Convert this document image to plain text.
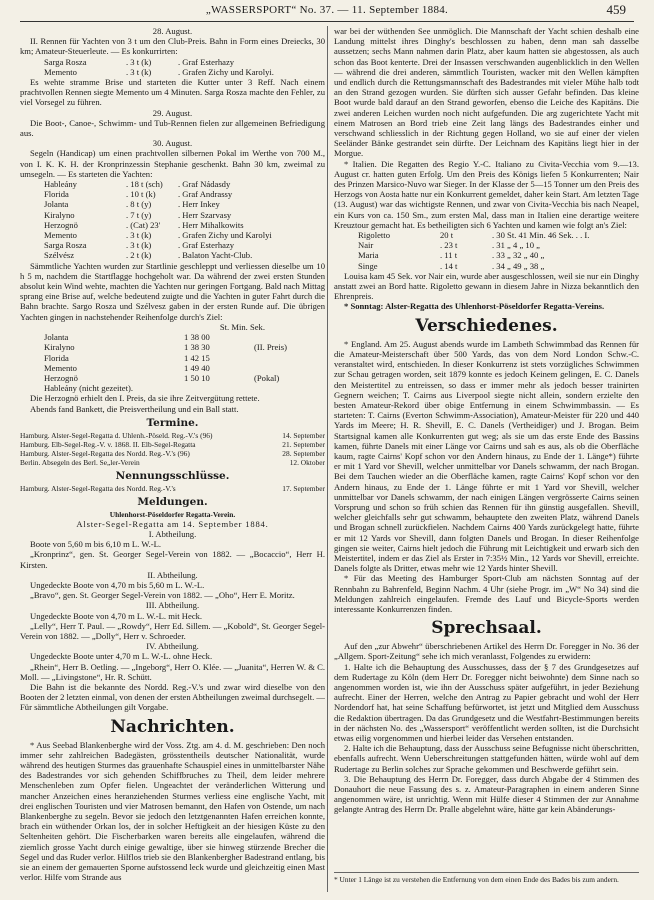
„WASSERSPORT“ No. 37. — 11. September 1884.	459
28. August.

II. Rennen für Yachten von 3 t um den Club-Preis. Bahn in Form eines Dreiecks, 30 km; Amateur-Steuerleute. — Es konkurrirten:

Sarga Rosza	. 3 t (k)	. Graf Esterhazy
Memento	. 3 t (k)	. Grafen Zichy und Karolyi.

Es wehte stramme Brise und starteten die Kutter unter 3 Reff. Nach einem prachtvollen Rennen siegte Memento um 4 Minuten. Sarga Rosza machte den Fehler, zu viel Vorsegel zu führen.

29. August.

Die Boot-, Canoe-, Schwimm- und Tub-Rennen fielen zur allgemeinen Befriedigung aus.

30. August.

Segeln (Handicap) um einen prachtvollen silbernen Pokal im Werthe von 700 M., von I. K. K. H. der Kronprinzessin Stephanie geschenkt. Bahn 30 km, zweimal zu umsegeln. — Es starteten die Yachten:

Hableány	. 18 t (sch)	. Graf Nádasdy
Florida	. 10 t (k)	. Graf Andrassy
Jolanta	. 8 t (y)	. Herr Inkey
Kiralyno	. 7 t (y)	. Herr Szarvasy
Herzognö	. (Cat) 23'	. Herr Mihalkowits
Memento	. 3 t (k)	. Grafen Zichy und Karolyi
Sarga Rosza	. 3 t (k)	. Graf Esterhazy
Szélvész	. 2 t (k)	. Balaton Yacht-Club.

Sämmtliche Yachten wurden zur Startlinie geschleppt und verliessen dieselbe um 10 h 5 m, nachdem die Startflagge hochgeholt war. Da während der zwei ersten Stunden absolut kein Wind wehte, machten die Yachten nur geringen Fortgang. Bald nach Mittag sprang eine Brise auf, welche bedeutend zuigte und die Yachten in guter Fahrt durch die Bahn brachte. Sargo Rosza und Szélvesz gaben in der ersten Runde auf. Die übrigen Yachten gingen in nachstehender Reihenfolge durch's Ziel:

St. Min. Sek.
Jolanta	1 38 00
Kiralyno	1 38 30	(II. Preis)
Florida	1 42 15
Memento	1 49 40
Herzognö	1 50 10	(Pokal)
Hableány (nicht gezeitet).

Die Herzognö erhielt den I. Preis, da sie ihre Zeitvergütung rettete.

Abends fand Bankett, die Preisvertheilung und ein Ball statt.

Termine.
Hamburg. Alster-Segel-Regatta d. Uhlenh.-Pöseld. Reg.-V.'s (96)	14. September
Hamburg. Elb-Segel-Reg.-V. v. 1868. II. Elb-Segel-Regatta	21. September
Hamburg. Alster-Segel-Regatta des Nordd. Reg.-V.'s (96)	28. September
Berlin. Absegeln des Berl. Se„ler-Verein	12. Oktober
Nennungsschlüsse.
Hamburg. Alster-Segel-Regatta des Nordd. Reg.-V.'s	17. September
Meldungen.
Uhlenhorst-Pöseldorfer Regatta-Verein.
Alster-Segel-Regatta am 14. September 1884.
I. Abtheilung.
Boote von 5,60 m bis 6,10 m L. W.-L.
„Kronprinz“, gen. St. Georger Segel-Verein von 1882. — „Bocaccio“, Herr H. Kirsten.
II. Abtheilung.
Ungedeckte Boote von 4,70 m bis 5,60 m L. W.-L.
„Bravo“, gen. St. Georger Segel-Verein von 1882. — „Oho“, Herr E. Moritz.
III. Abtheilung.
Ungedeckte Boote von 4,70 m L. W.-L. mit Heck.
„Lelly“, Herr T. Paul. — „Rowdy“, Herr Ed. Sillem. — „Kobold“, St. Georger Segel-Verein von 1882. — „Dolly“, Herr v. Schroeder.
IV. Abtheilung.
Ungedeckte Boote unter 4,70 m L. W.-L. ohne Heck.
„Rhein“, Herr B. Oetling. — „Ingeborg“, Herr O. Klée. — „Juanita“, Herren W. & C. Moll. — „Livingstone“, Hr. R. Schütt.
Die Bahn ist die bekannte des Nordd. Reg.-V.'s und zwar wird dieselbe von den Booten der 2 letzten einmal, von denen der ersten Abtheilungen zweimal durchsegelt. — Für sämmtliche Abtheilungen gilt Vorgabe.
Nachrichten.

* Aus Seebad Blankenberghe wird der Voss. Ztg. am 4. d. M. geschrieben: Den noch immer sehr zahlreichen Badegästen, grösstentheils deutscher Nationalität, wurde während des heutigen Sturmes das grauenhafte Schauspiel eines in unmittelbarster Nähe des Badestrandes vor sich gehenden Schiffbruches zu Theil, dem leider mehrere Menschenleben zum Opfer fielen. Ungeachtet der veränderlichen Witterung und mancher Anzeichen eines heranziehenden Sturmes verliess eine englische Yacht, mit drei englischen Touristen und vier Matrosen bemannt, den Hafen von Ostende, um nach Blankenberghe zu segeln. Bevor sie jedoch den letztgenannten Hafen erreichen konnte, brach ein wüthender Orkan los, der in solcher Heftigkeit an der hiesigen Küste zu den Seltenheiten gehört. Die Fischerbarken waren bereits alle eingelaufen, während die ziemlich grosse Yacht durch einige gewaltige, über sie hinweg stürzende Brecher die Segel und das Ruder verlor. Hilflos trieb sie den Blankenbergher Badestrand entlang, bis sie an einem der gemauerten Sporne aufstossend leck wurde und gleichzeitig einen Mast verlor. Hilfe vom Strande aus

war bei der wüthenden See unmöglich. Die Mannschaft der Yacht schien deshalb eine Landung mittelst ihres Dinghy's beschlossen zu haben, denn man sah dasselbe aussetzen; sechs Mann nahmen darin Platz, aber kaum hatten sie abgestossen, als auch schon das Boot kenterte. Drei der Insassen verschwanden augenblicklich in den Wellen — während die drei anderen, sämmtlich Touristen, wacker mit den Wellen kämpften und endlich durch die Rettungsmannschaft des Badestrandes mit vieler Mühe halb todt an den Strand gezogen wurden. Sie dürften sich ausser Gefahr befinden. Das kleine Boot wurde bald darauf an den Strand geworfen, ebenso die Leiche des Kapitäns. Die zwei anderen Leichen wurden noch nicht aufgefunden. Die arg zugerichtete Yacht mit einem Matrosen an Bord trieb eine Zeit lang längs des Badestrandes einher und verschwand schliesslich in der Richtung gegen Holland, wo sie auf einer der vielen Seeländer Bänke gestrandet sein dürfte. Der Leichnam des Kapitäns liegt hier in der Morgue.

* Italien. Die Regatten des Regio Y.-C. Italiano zu Civita-Vecchia vom 9.—13. August cr. hatten guten Erfolg. Um den Preis des Königs liefen 5 Konkurrenten; Nair des Prinzen Marsico-Nuvo war Sieger. In der Klasse der 5—15 Tonner um den Preis des Herzogs von Aosta hatte nur ein Konkurrent gemeldet, daher kein Start. Am letzten Tage (13. August) war das wichtigste Rennen, und zwar von Civita-Vecchia bis nach Neapel, ein Kurs von ca. 150 Sm., zum ersten Mal, dass man in Italien eine derartige weitere Kreuztour gemacht hat. Es betheiligten sich 6 Yachten und kamen wie folgt an's Ziel:

Rigoletto	20 t	. 30 St. 41 Min. 46 Sek. . . I.
Nair	. 23 t	. 31 „ 4 „ 10 „
Maria	. 11 t	. 33 „ 32 „ 40 „
Singe	. 14 t	. 34 „ 49 „ 38 „

Louisa kam 45 Sek. vor Nair ein, wurde aber ausgeschlossen, weil sie nur ein Dinghy anstatt zwei an Bord hatte. Rigoletto gewann in diesem Jahre in Nizza bekanntlich den Ehrenpreis.

* Sonntag: Alster-Regatta des Uhlenhorst-Pöseldorfer Regatta-Vereins.

Verschiedenes.

* England. Am 25. August abends wurde im Lambeth Schwimmbad das Rennen für die Amateur-Meisterschaft über 500 Yards, das von dem Nord London Schw.-C. veranstaltet wird, entschieden. In dieser Konkurrenz ist stets vorzügliches Schwimmen zur Schau getragen worden, seit 1879 konnte es jedoch Keinem gelingen, E. C. Danels den Meistertitel zu entreissen, so dass er immer mehr als jedoch besser trainirten Gegnern weichen; T. Cairns aus Liverpool siegte nicht allein, sondern erzielte den besten Amateur-Rekord über obige Entfernung in einem Schwimmbassin. — Es starteten: T. Cairns (Everton Schwimm-Association), Amateur-Meister für 220 und 440 Yards im Meere; H. R. Shevill, E. C. Danels (Vertheidiger) und J. Brogan. Beim Startsignal kamen alle Konkurrenten gut weg; als sie um das erste Ende des Bassins kamen, führte Danels mit einer Länge vor Cairns und sah es aus, als ob die Oberfläche kaum, ragte Cairns' Kopf schon vor den Andern hinaus, zu Ende der 1. Länge*) führte er mit 1 Yard vor Shevill, welcher unmittelbar vor Danels schwamm, der nach Brogan. Bei dem Tauchen wieder an die Oberfläche kamen, ragte Cairns' Kopf schon vor den Andern hinaus, zu Ende der 1. Länge führte er mit 1 Yard vor Shevill, welcher unmittelbar vor Danels schwamm, der nach einigen Längen vergrösserte Cairns seinen Vorsprung und schon so früh schien das Rennen für ihn günstig ausgefallen. Shevill, welcher gleichfalls sehr gut schwamm, behauptete den zweiten Platz, während Danels und Brogan schnell zurückfielen. Nachdem Cairns 400 Yards zurückgelegt hatte, führte er mit 12 Yards vor Shevill, dann folgten Danels und Brogan. In dieser Reihenfolge gingen sie weiter, Cairns hielt jedoch die Führung mit Leichtigkeit und erwarb sich den Meistertitel, indem er das Ziel als Erster in 7:35½ Min., 12 Yards vor Shevill, erreichte. Danels folgte als Dritter, etwas mehr wie 12 Yards hinter Shevill.

* Für das Meeting des Hamburger Sport-Club am nächsten Sonntag auf der Rennbahn zu Bahrenfeld, Beginn Nachm. 4 Uhr (siehe Progr. im „W“ No 34) sind die Meldungen zahlreich eingelaufen. Fremde des Lauf und Bicycle-Sports werden interessante Konkurrenzen finden.

Sprechsaal.

Auf den „zur Abwehr“ überschriebenen Artikel des Herrn Dr. Foregger in No. 36 der „Allgem. Sport-Zeitung“ sehe ich mich veranlasst, Folgendes zu erwidern:

1. Halte ich die Behauptung des Ausschusses, dass der § 7 des Grundgesetzes auf dem Rudertage zu Köln (dem Herr Dr. Foregger nicht beiwohnte) dem Sinne nach so angenommen worden ist, wie ihn der Ausschuss später aufgeführt, in jeder Beziehung aufrecht. Einer der Herren, welche den Antrag zu Papier gebracht und wohl der Herr Nordendorf hat, hat seine Schaffung befürwortet, ist jetzt und Mitglied dem Ausschuss die Redaktion übertragen. Da das Grundgesetz und die Westfahrt-Bestimmungen bereits in der nächsten No. des „Wassersport“ veröffentlicht werden sollten, ist die Durchsicht etwas eilig vorgenommen und hierbei leider das Versehen entstanden.

2. Halte ich die Behauptung, dass der Ausschuss seine Befugnisse nicht überschritten, ebenfalls aufrecht. Wenn Ueberschreitungen stattgefunden hätten, würde wohl auf dem Rudertage zu Berlin solches zur Sprache gekommen und Beschwerde geführt sein.

3. Die Behauptung des Herrn Dr. Foregger, dass durch Abgabe der 4 Stimmen des Donauhort die neue Fassung des s. z. Amateur-Paragraphen in einem anderen Sinne angenommen wäre, ist unrichtig. Wenn mit Hülfe dieser 4 Stimmen der zur Annahme gelangte Antrag des Herrn Dr. Pralle abgelehnt wäre, hätte gar kein Abänderungs-

* Unter 1 Länge ist zu verstehen die Entfernung von dem einen Ende des Bades bis zum andern.
